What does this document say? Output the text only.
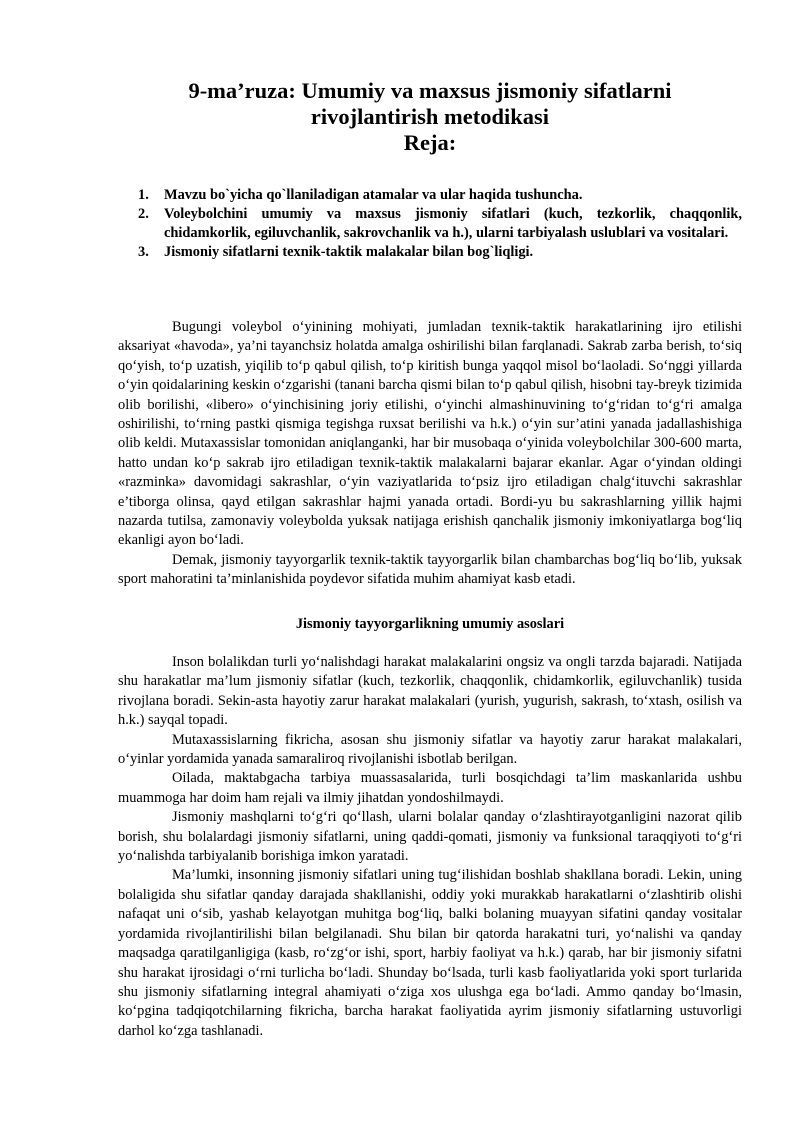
9-ma’ruza: Umumiy va maxsus jismoniy sifatlarni
rivojlantirish metodikasi
Reja:
1. Mavzu bo`yicha qo`llaniladigan atamalar va ular haqida tushuncha.
2. Voleybolchini umumiy va maxsus jismoniy sifatlari (kuch, tezkorlik, chaqqonlik, chidamkorlik, egiluvchanlik, sakrovchanlik va h.), ularni tarbiyalash uslublari va vositalari.
3. Jismoniy sifatlarni texnik-taktik malakalar bilan bog`liqligi.

Bugungi voleybol o‘yinining mohiyati, jumladan texnik-taktik harakatlarining ijro etilishi aksariyat «havoda», ya’ni tayanchsiz holatda amalga oshirilishi bilan farqlanadi. Sakrab zarba berish, to‘siq qo‘yish, to‘p uzatish, yiqilib to‘p qabul qilish, to‘p kiritish bunga yaqqol misol bo‘laoladi. So‘nggi yillarda o‘yin qoidalarining keskin o‘zgarishi (tanani barcha qismi bilan to‘p qabul qilish, hisobni tay-breyk tizimida olib borilishi, «libero» o‘yinchisining joriy etilishi, o‘yinchi almashinuvining to‘g‘ridan to‘g‘ri amalga oshirilishi, to‘rning pastki qismiga tegishga ruxsat berilishi va h.k.) o‘yin sur’atini yanada jadallashishiga olib keldi. Mutaxassislar tomonidan aniqlanganki, har bir musobaqa o‘yinida voleybolchilar 300-600 marta, hatto undan ko‘p sakrab ijro etiladigan texnik-taktik malakalarni bajarar ekanlar. Agar o‘yindan oldingi «razminka» davomidagi sakrashlar, o‘yin vaziyatlarida to‘psiz ijro etiladigan chalg‘ituvchi sakrashlar e’tiborga olinsa, qayd etilgan sakrashlar hajmi yanada ortadi. Bordi-yu bu sakrashlarning yillik hajmi nazarda tutilsa, zamonaviy voleybolda yuksak natijaga erishish qanchalik jismoniy imkoniyatlarga bog‘liq ekanligi ayon bo‘ladi.

Demak, jismoniy tayyorgarlik texnik-taktik tayyorgarlik bilan chambarchas bog‘liq bo‘lib, yuksak sport mahoratini ta’minlanishida poydevor sifatida muhim ahamiyat kasb etadi.

Jismoniy tayyorgarlikning umumiy asoslari

Inson bolalikdan turli yo‘nalishdagi harakat malakalarini ongsiz va ongli tarzda bajaradi. Natijada shu harakatlar ma’lum jismoniy sifatlar (kuch, tezkorlik, chaqqonlik, chidamkorlik, egiluvchanlik) tusida rivojlana boradi. Sekin-asta hayotiy zarur harakat malakalari (yurish, yugurish, sakrash, to‘xtash, osilish va h.k.) sayqal topadi.

Mutaxassislarning fikricha, asosan shu jismoniy sifatlar va hayotiy zarur harakat malakalari, o‘yinlar yordamida yanada samaraliroq rivojlanishi isbotlab berilgan.

Oilada, maktabgacha tarbiya muassasalarida, turli bosqichdagi ta’lim maskanlarida ushbu muammoga har doim ham rejali va ilmiy jihatdan yondoshilmaydi.

Jismoniy mashqlarni to‘g‘ri qo‘llash, ularni bolalar qanday o‘zlashtirayotganligini nazorat qilib borish, shu bolalardagi jismoniy sifatlarni, uning qaddi-qomati, jismoniy va funksional taraqqiyoti to‘g‘ri yo‘nalishda tarbiyalanib borishiga imkon yaratadi.

Ma’lumki, insonning jismoniy sifatlari uning tug‘ilishidan boshlab shakllana boradi. Lekin, uning bolaligida shu sifatlar qanday darajada shakllanishi, oddiy yoki murakkab harakatlarni o‘zlashtirib olishi nafaqat uni o‘sib, yashab kelayotgan muhitga bog‘liq, balki bolaning muayyan sifatini qanday vositalar yordamida rivojlantirilishi bilan belgilanadi. Shu bilan bir qatorda harakatni turi, yo‘nalishi va qanday maqsadga qaratilganligiga (kasb, ro‘zg‘or ishi, sport, harbiy faoliyat va h.k.) qarab, har bir jismoniy sifatni shu harakat ijrosidagi o‘rni turlicha bo‘ladi. Shunday bo‘lsada, turli kasb faoliyatlarida yoki sport turlarida shu jismoniy sifatlarning integral ahamiyati o‘ziga xos ulushga ega bo‘ladi. Ammo qanday bo‘lmasin, ko‘pgina tadqiqotchilarning fikricha, barcha harakat faoliyatida ayrim jismoniy sifatlarning ustuvorligi darhol ko‘zga tashlanadi.
